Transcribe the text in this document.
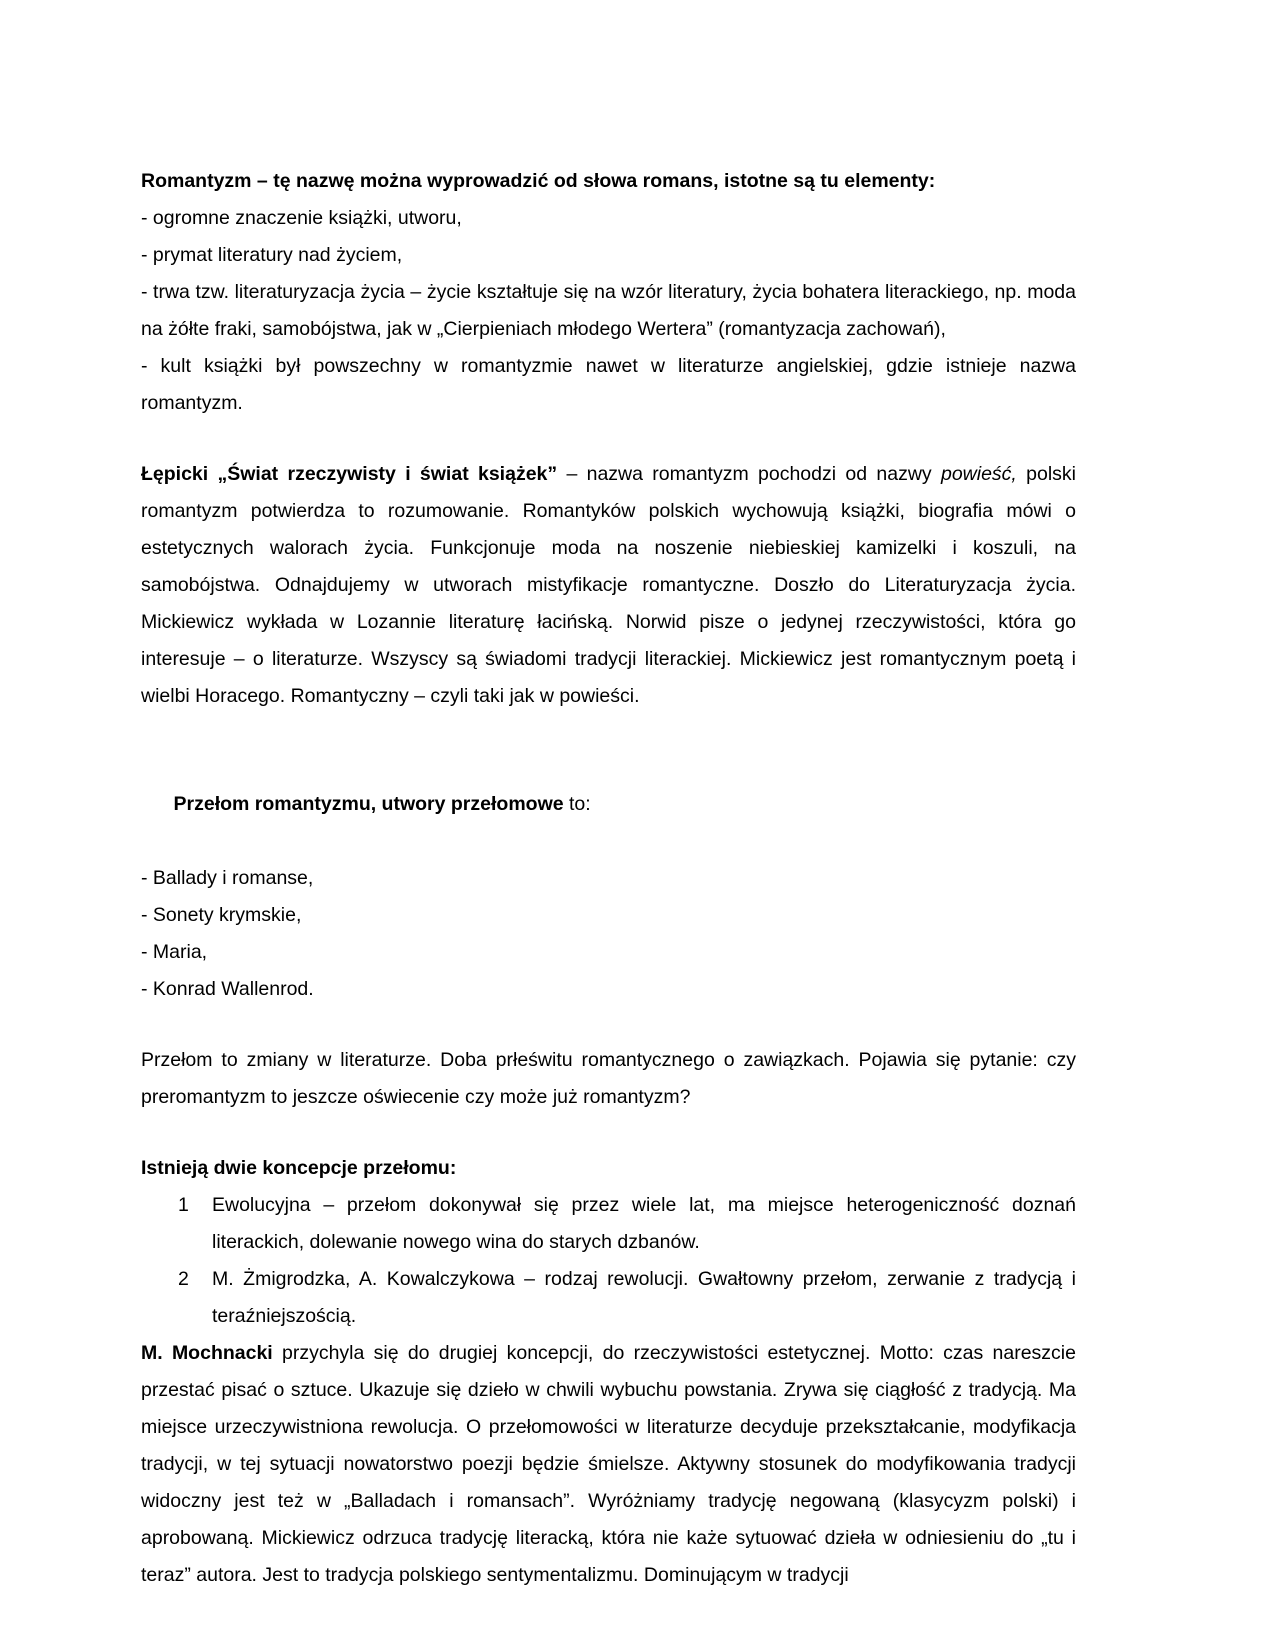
Romantyzm – tę nazwę można wyprowadzić od słowa romans, istotne są tu elementy:
- ogromne znaczenie książki, utworu,
- prymat literatury nad życiem,
- trwa tzw. literaturyzacja życia – życie kształtuje się na wzór literatury, życia bohatera literackiego, np. moda na żółte fraki, samobójstwa, jak w „Cierpieniach młodego Wertera” (romantyzacja zachowań),
- kult książki był powszechny w romantyzmie nawet w literaturze angielskiej, gdzie istnieje nazwa romantyzm.
Łępicki „Świat rzeczywisty i świat książek” – nazwa romantyzm pochodzi od nazwy powieść, polski romantyzm potwierdza to rozumowanie. Romantyków polskich wychowują książki, biografia mówi o estetycznych walorach życia. Funkcjonuje moda na noszenie niebieskiej kamizelki i koszuli, na samobójstwa. Odnajdujemy w utworach mistyfikacje romantyczne. Doszło do Literaturyzacja życia. Mickiewicz wykłada w Lozannie literaturę łacińską. Norwid pisze o jedynej rzeczywistości, która go interesuje – o literaturze. Wszyscy są świadomi tradycji literackiej. Mickiewicz jest romantycznym poetą i wielbi Horacego. Romantyczny – czyli taki jak w powieści.

Przełom romantyzmu, utwory przełomowe to:

- Ballady i romanse,
- Sonety krymskie,
- Maria,
- Konrad Wallenrod.
Przełom to zmiany w literaturze. Doba prłeświtu romantycznego o zawiązkach. Pojawia się pytanie: czy preromantyzm to jeszcze oświecenie czy może już romantyzm?
Istnieją dwie koncepcje przełomu:
1	Ewolucyjna – przełom dokonywał się przez wiele lat, ma miejsce heterogeniczność doznań literackich, dolewanie nowego wina do starych dzbanów.
2	M. Żmigrodzka, A. Kowalczykowa – rodzaj rewolucji. Gwałtowny przełom, zerwanie z tradycją i teraźniejszością.
M. Mochnacki przychyla się do drugiej koncepcji, do rzeczywistości estetycznej. Motto: czas nareszcie przestać pisać o sztuce. Ukazuje się dzieło w chwili wybuchu powstania. Zrywa się ciągłość z tradycją. Ma miejsce urzeczywistniona rewolucja. O przełomowości w literaturze decyduje przekształcanie, modyfikacja tradycji, w tej sytuacji nowatorstwo poezji będzie śmielsze. Aktywny stosunek do modyfikowania tradycji widoczny jest też w „Balladach i romansach”. Wyróżniamy tradycję negowaną (klasycyzm polski) i aprobowaną. Mickiewicz odrzuca tradycję literacką, która nie każe sytuować dzieła w odniesieniu do „tu i teraz” autora. Jest to tradycja polskiego sentymentalizmu. Dominującym w tradycji
